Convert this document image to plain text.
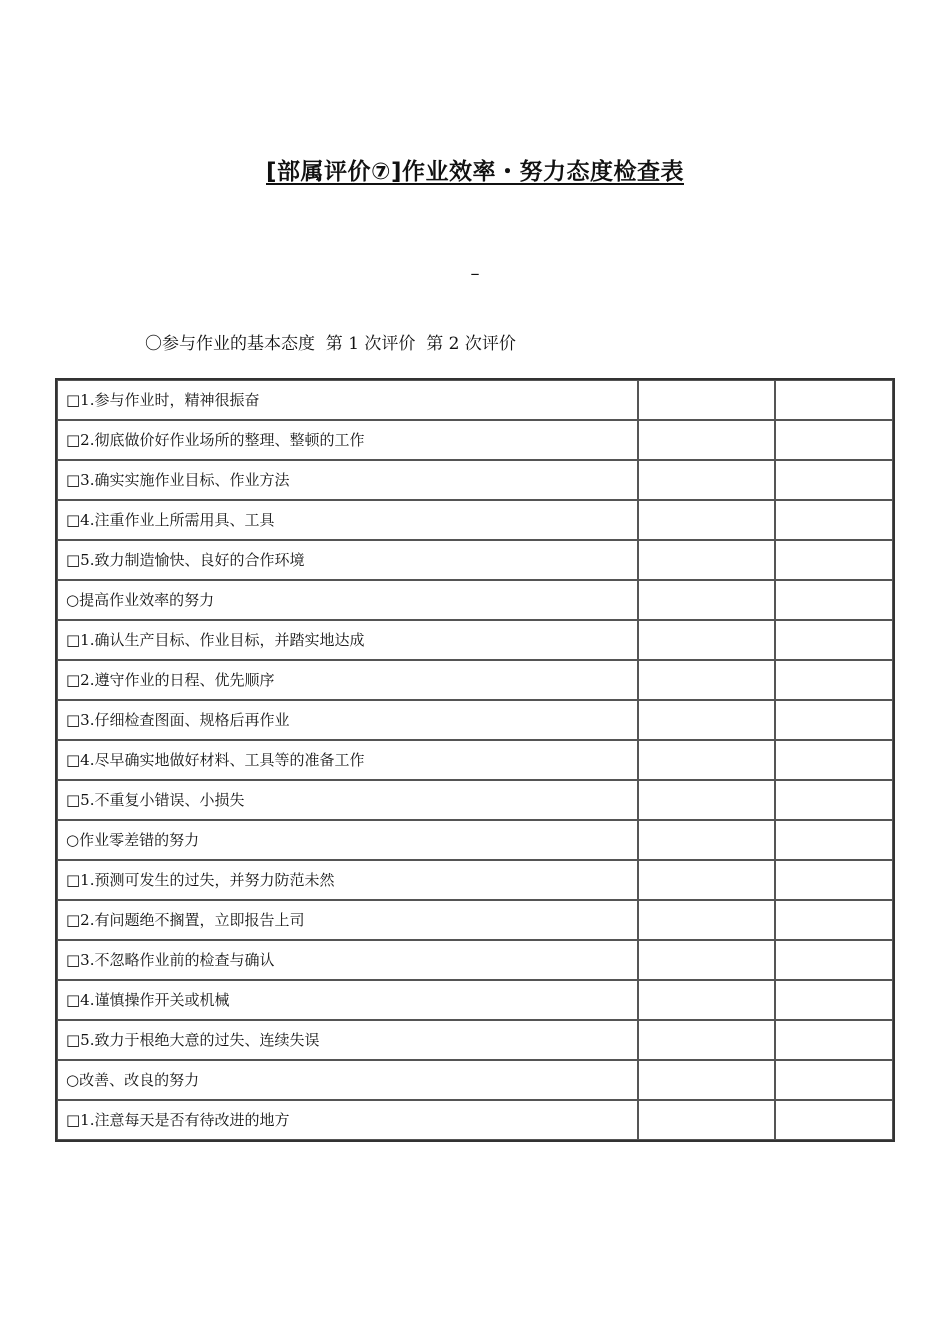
[部属评价⑦]作业效率・努力态度检查表
–
〇参与作业的基本态度  第 1 次评价  第 2 次评价
□1.参与作业时，精神很振奋		
□2.彻底做价好作业场所的整理、整顿的工作		
□3.确实实施作业目标、作业方法		
□4.注重作业上所需用具、工具		
□5.致力制造愉快、良好的合作环境		
○提高作业效率的努力		
□1.确认生产目标、作业目标，并踏实地达成		
□2.遵守作业的日程、优先顺序		
□3.仔细检查图面、规格后再作业		
□4.尽早确实地做好材料、工具等的准备工作		
□5.不重复小错误、小损失		
○作业零差错的努力		
□1.预测可发生的过失，并努力防范未然		
□2.有问题绝不搁置，立即报告上司		
□3.不忽略作业前的检查与确认		
□4.谨慎操作开关或机械		
□5.致力于根绝大意的过失、连续失误		
○改善、改良的努力		
□1.注意每天是否有待改进的地方		
